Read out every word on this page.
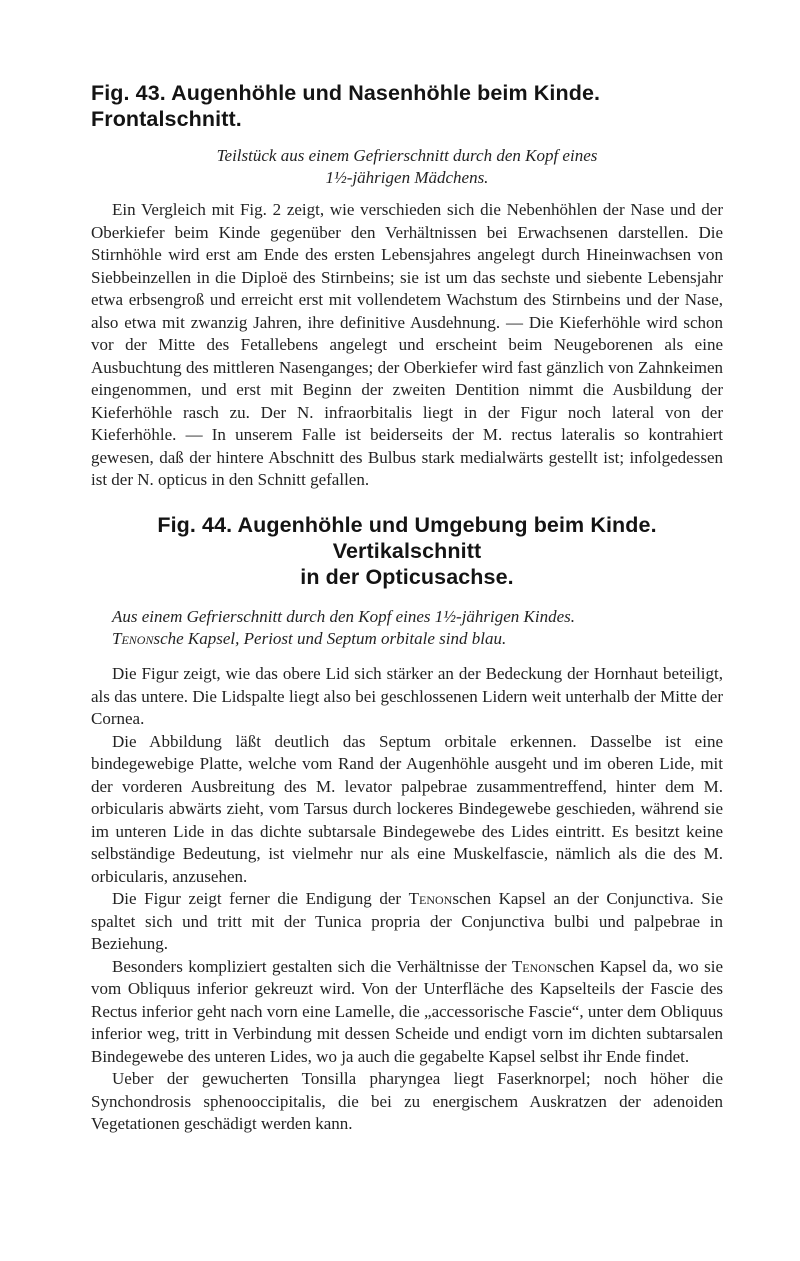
Fig. 43. Augenhöhle und Nasenhöhle beim Kinde. Frontalschnitt.
Teilstück aus einem Gefrierschnitt durch den Kopf eines
1½-jährigen Mädchens.

Ein Vergleich mit Fig. 2 zeigt, wie verschieden sich die Nebenhöhlen der Nase und der Oberkiefer beim Kinde gegenüber den Verhältnissen bei Erwachsenen darstellen. Die Stirnhöhle wird erst am Ende des ersten Lebensjahres angelegt durch Hineinwachsen von Siebbeinzellen in die Diploë des Stirnbeins; sie ist um das sechste und siebente Lebensjahr etwa erbsengroß und erreicht erst mit vollendetem Wachstum des Stirnbeins und der Nase, also etwa mit zwanzig Jahren, ihre definitive Ausdehnung. — Die Kieferhöhle wird schon vor der Mitte des Fetallebens angelegt und erscheint beim Neugeborenen als eine Ausbuchtung des mittleren Nasenganges; der Oberkiefer wird fast gänzlich von Zahnkeimen eingenommen, und erst mit Beginn der zweiten Dentition nimmt die Ausbildung der Kieferhöhle rasch zu. Der N. infraorbitalis liegt in der Figur noch lateral von der Kieferhöhle. — In unserem Falle ist beiderseits der M. rectus lateralis so kontrahiert gewesen, daß der hintere Abschnitt des Bulbus stark medialwärts gestellt ist; infolgedessen ist der N. opticus in den Schnitt gefallen.

Fig. 44. Augenhöhle und Umgebung beim Kinde. Vertikalschnitt
in der Opticusachse.
Aus einem Gefrierschnitt durch den Kopf eines 1½-jährigen Kindes.
Tenonsche Kapsel, Periost und Septum orbitale sind blau.

Die Figur zeigt, wie das obere Lid sich stärker an der Bedeckung der Hornhaut beteiligt, als das untere. Die Lidspalte liegt also bei geschlossenen Lidern weit unterhalb der Mitte der Cornea.

Die Abbildung läßt deutlich das Septum orbitale erkennen. Dasselbe ist eine bindegewebige Platte, welche vom Rand der Augenhöhle ausgeht und im oberen Lide, mit der vorderen Ausbreitung des M. levator palpebrae zusammentreffend, hinter dem M. orbicularis abwärts zieht, vom Tarsus durch lockeres Bindegewebe geschieden, während sie im unteren Lide in das dichte subtarsale Bindegewebe des Lides eintritt. Es besitzt keine selbständige Bedeutung, ist vielmehr nur als eine Muskelfascie, nämlich als die des M. orbicularis, anzusehen.

Die Figur zeigt ferner die Endigung der Tenonschen Kapsel an der Conjunctiva. Sie spaltet sich und tritt mit der Tunica propria der Conjunctiva bulbi und palpebrae in Beziehung.

Besonders kompliziert gestalten sich die Verhältnisse der Tenonschen Kapsel da, wo sie vom Obliquus inferior gekreuzt wird. Von der Unterfläche des Kapselteils der Fascie des Rectus inferior geht nach vorn eine Lamelle, die „accessorische Fascie“, unter dem Obliquus inferior weg, tritt in Verbindung mit dessen Scheide und endigt vorn im dichten subtarsalen Bindegewebe des unteren Lides, wo ja auch die gegabelte Kapsel selbst ihr Ende findet.

Ueber der gewucherten Tonsilla pharyngea liegt Faserknorpel; noch höher die Synchondrosis sphenooccipitalis, die bei zu energischem Auskratzen der adenoiden Vegetationen geschädigt werden kann.
